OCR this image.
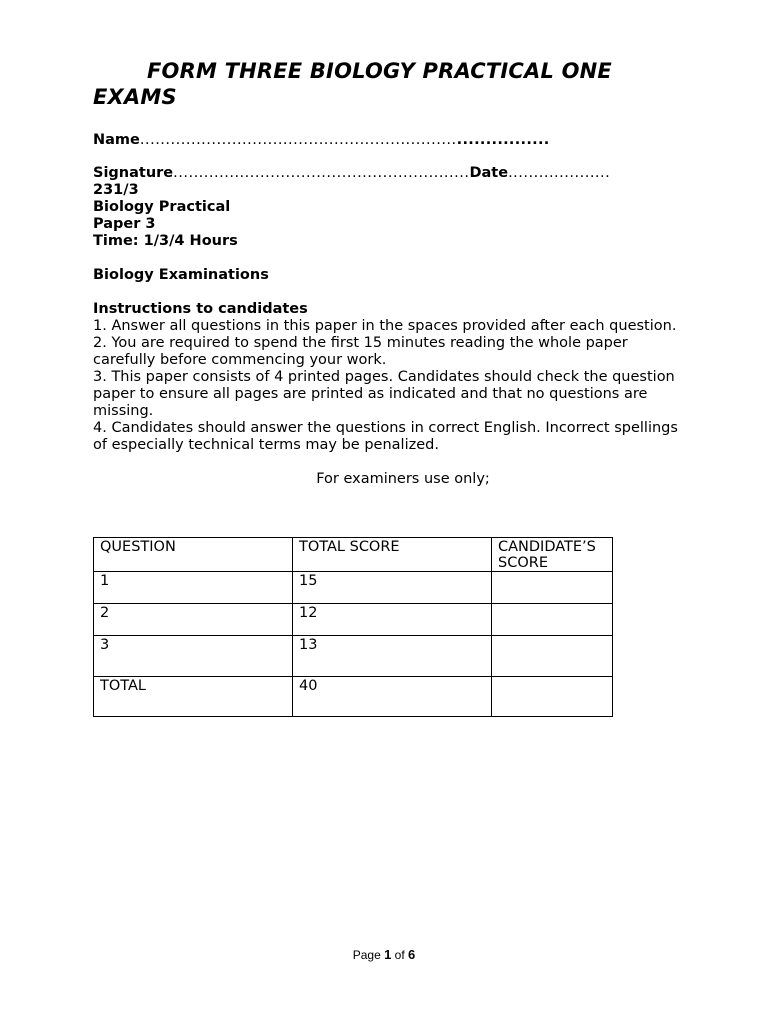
FORM THREE BIOLOGY PRACTICAL ONE EXAMS
Name..............................................................................
Signature..........................................................Date....................
231/3
Biology Practical
Paper 3
Time: 1/3/4 Hours
Biology Examinations
Instructions to candidates

1. Answer all questions in this paper in the spaces provided after each question.

2. You are required to spend the first 15 minutes reading the whole paper carefully before commencing your work.

3. This paper consists of 4 printed pages. Candidates should check the question paper to ensure all pages are printed as indicated and that no questions are missing.

4. Candidates should answer the questions in correct English. Incorrect spellings of especially technical terms may be penalized.

For examiners use only;
QUESTION	TOTAL SCORE	CANDIDATE’S SCORE
1	15	
2	12	
3	13	
TOTAL	40	
Page 1 of 6
